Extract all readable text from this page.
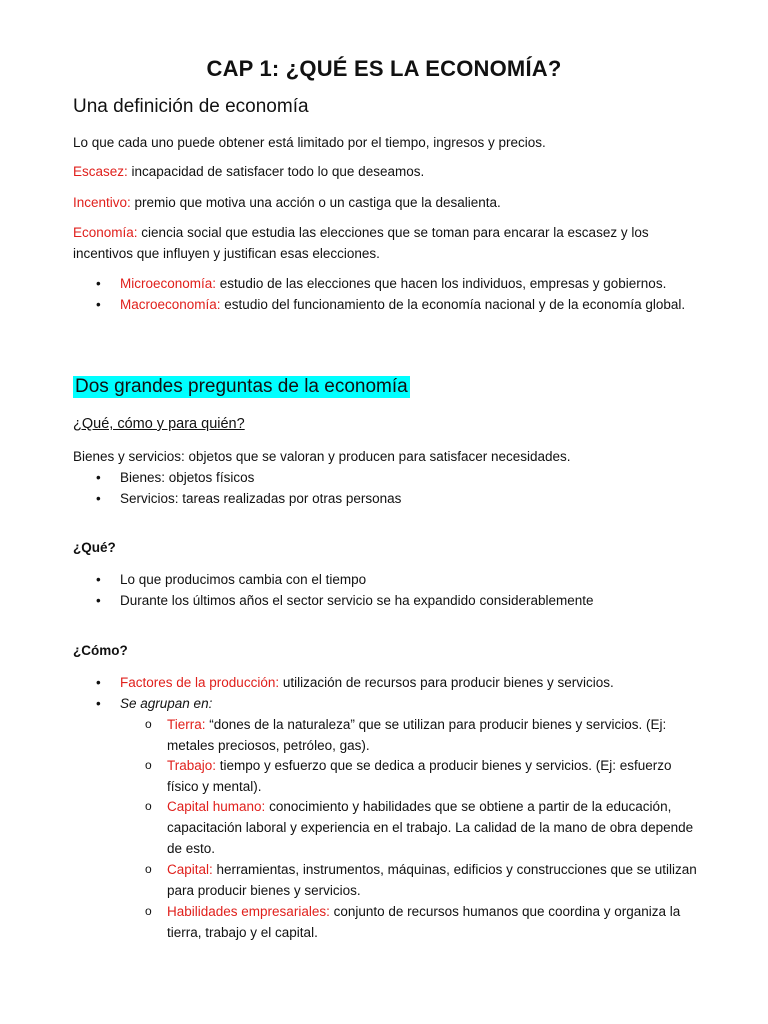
CAP 1: ¿QUÉ ES LA ECONOMÍA?
Una definición de economía
Lo que cada uno puede obtener está limitado por el tiempo, ingresos y precios.
Escasez: incapacidad de satisfacer todo lo que deseamos.
Incentivo: premio que motiva una acción o un castiga que la desalienta.
Economía: ciencia social que estudia las elecciones que se toman para encarar la escasez y los incentivos que influyen y justifican esas elecciones.
• Microeconomía: estudio de las elecciones que hacen los individuos, empresas y gobiernos.
• Macroeconomía: estudio del funcionamiento de la economía nacional y de la economía global.
Dos grandes preguntas de la economía
¿Qué, cómo y para quién?
Bienes y servicios: objetos que se valoran y producen para satisfacer necesidades.
• Bienes: objetos físicos
• Servicios: tareas realizadas por otras personas
¿Qué?
• Lo que producimos cambia con el tiempo
• Durante los últimos años el sector servicio se ha expandido considerablemente
¿Cómo?
• Factores de la producción: utilización de recursos para producir bienes y servicios.
• Se agrupan en:
o Tierra: “dones de la naturaleza” que se utilizan para producir bienes y servicios. (Ej: metales preciosos, petróleo, gas).
o Trabajo: tiempo y esfuerzo que se dedica a producir bienes y servicios. (Ej: esfuerzo físico y mental).
o Capital humano: conocimiento y habilidades que se obtiene a partir de la educación, capacitación laboral y experiencia en el trabajo. La calidad de la mano de obra depende de esto.
o Capital: herramientas, instrumentos, máquinas, edificios y construcciones que se utilizan para producir bienes y servicios.
o Habilidades empresariales: conjunto de recursos humanos que coordina y organiza la tierra, trabajo y el capital.
